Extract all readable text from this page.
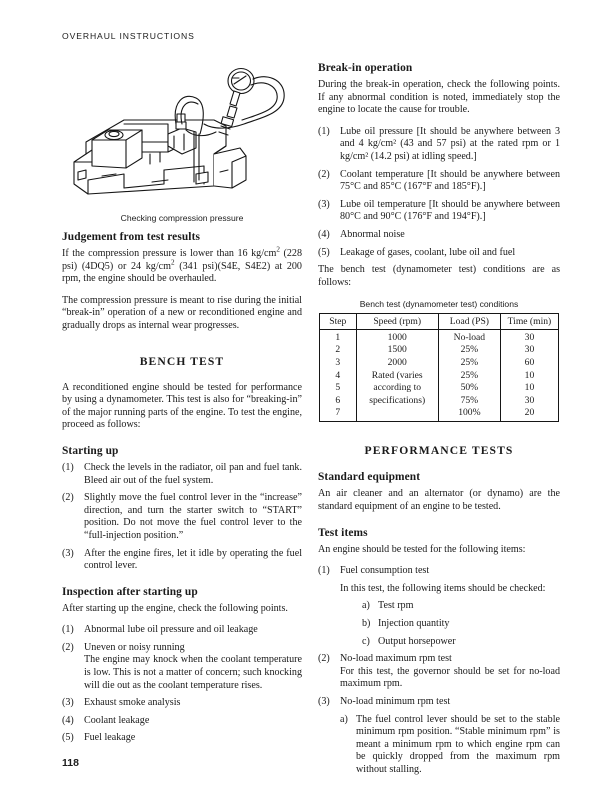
OVERHAUL INSTRUCTIONS
Checking compression pressure
Judgement from test results

If the compression pressure is lower than 16 $kg/cm^2$ (228 psi) (4DQ5) or 24 $kg/cm^2$ (341 psi)(S4E, S4E2) at 200 rpm, the engine should be overhauled.

The compression pressure is meant to rise during the initial “break-in” operation of a new or reconditioned engine and gradually drops as internal wear progresses.

BENCH TEST

A reconditioned engine should be tested for performance by using a dynamometer. This test is also for “breaking-in” of the major running parts of the engine. To test the engine, proceed as follows:

Starting up
(1)	Check the levels in the radiator, oil pan and fuel tank. Bleed air out of the fuel system.
(2)	Slightly move the fuel control lever in the “increase” direction, and turn the starter switch to “START” position. Do not move the fuel control lever to the “full-injection position.”
(3)	After the engine fires, let it idle by operating the fuel control lever.
Inspection after starting up

After starting up the engine, check the following points.

(1)	Abnormal lube oil pressure and oil leakage
(2)	Uneven or noisy running
The engine may knock when the coolant temperature is low. This is not a matter of concern; such knocking will die out as the coolant temperature rises.
(3)	Exhaust smoke analysis
(4)	Coolant leakage
(5)	Fuel leakage
Break-in operation

During the break-in operation, check the following points. If any abnormal condition is noted, immediately stop the engine to locate the cause for trouble.

(1)	Lube oil pressure [It should be anywhere between 3 and 4 kg/cm² (43 and 57 psi) at the rated rpm or 1 kg/cm² (14.2 psi) at idling speed.]
(2)	Coolant temperature [It should be anywhere between 75°C and 85°C (167°F and 185°F).]
(3)	Lube oil temperature [It should be anywhere between 80°C and 90°C (176°F and 194°F).]
(4)	Abnormal noise
(5)	Leakage of gases, coolant, lube oil and fuel

The bench test (dynamometer test) conditions are as follows:

Bench test (dynamometer test) conditions
Step	Speed (rpm)	Load (PS)	Time (min)
1	1000	No-load	30
2	1500	25%	30
3	2000	25%	60
4	Rated (varies	25%	10
5	according to	50%	10
6	specifications)	75%	30
7		100%	20
PERFORMANCE TESTS
Standard equipment

An air cleaner and an alternator (or dynamo) are the standard equipment of an engine to be tested.

Test items

An engine should be tested for the following items:

(1)	Fuel consumption test
In this test, the following items should be checked:
a) Test rpm
b) Injection quantity
c) Output horsepower
(2)	No-load maximum rpm test
For this test, the governor should be set for no-load maximum rpm.
(3)	No-load minimum rpm test
a) The fuel control lever should be set to the stable minimum rpm position. “Stable minimum rpm” is meant a minimum rpm to which engine rpm can be quickly dropped from the maximum rpm without stalling.
118
